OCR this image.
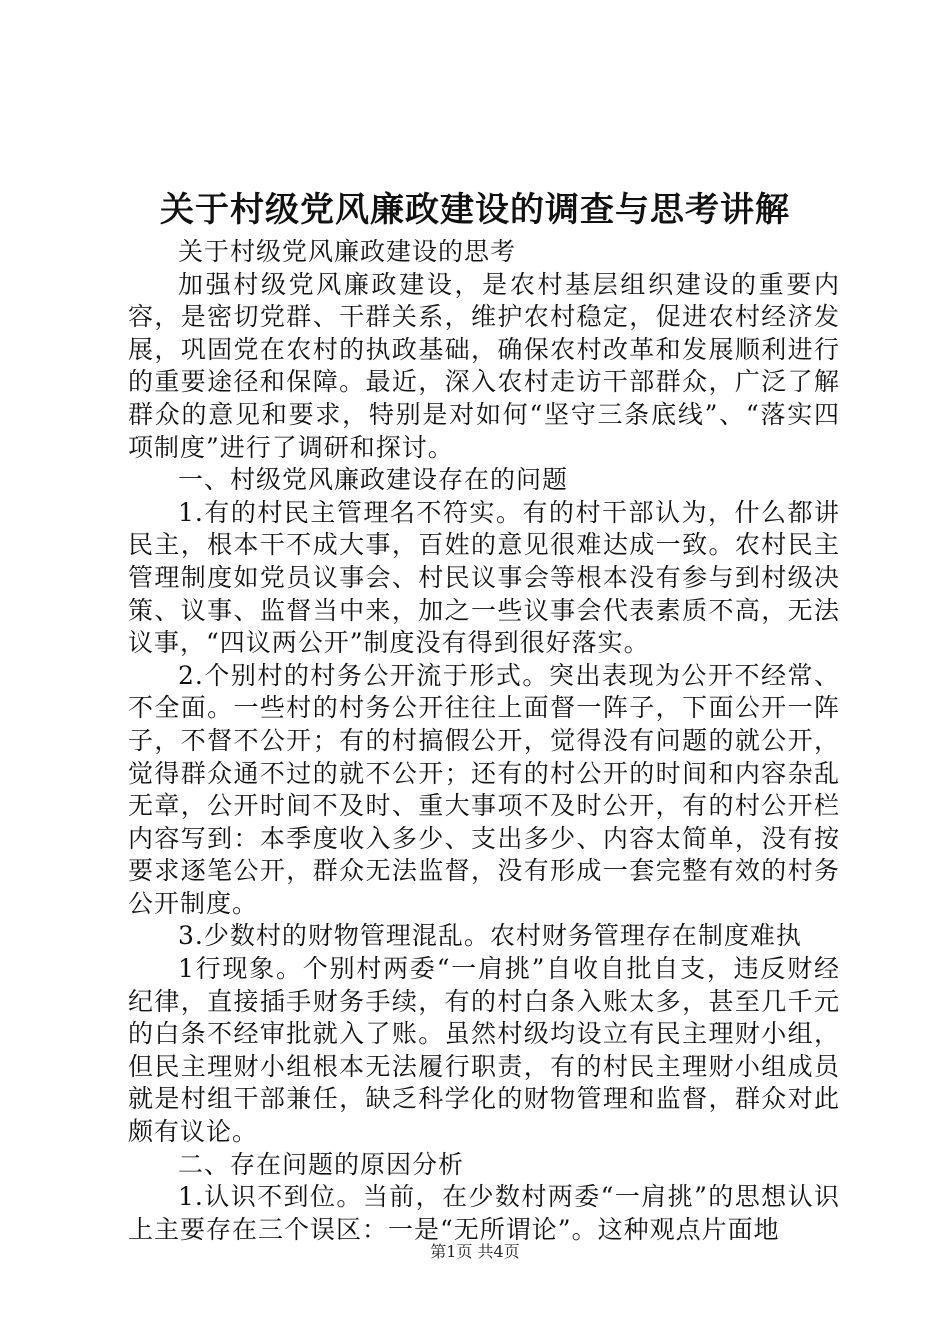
关于村级党风廉政建设的调查与思考讲解

关于村级党风廉政建设的思考

加强村级党风廉政建设，是农村基层组织建设的重要内容，是密切党群、干群关系，维护农村稳定，促进农村经济发展，巩固党在农村的执政基础，确保农村改革和发展顺利进行的重要途径和保障。最近，深入农村走访干部群众，广泛了解群众的意见和要求，特别是对如何“坚守三条底线”、“落实四项制度”进行了调研和探讨。

一、村级党风廉政建设存在的问题

1.有的村民主管理名不符实。有的村干部认为，什么都讲民主，根本干不成大事，百姓的意见很难达成一致。农村民主管理制度如党员议事会、村民议事会等根本没有参与到村级决策、议事、监督当中来，加之一些议事会代表素质不高，无法议事，“四议两公开”制度没有得到很好落实。

2.个别村的村务公开流于形式。突出表现为公开不经常、不全面。一些村的村务公开往往上面督一阵子，下面公开一阵子，不督不公开；有的村搞假公开，觉得没有问题的就公开，觉得群众通不过的就不公开；还有的村公开的时间和内容杂乱无章，公开时间不及时、重大事项不及时公开，有的村公开栏内容写到：本季度收入多少、支出多少、内容太简单，没有按要求逐笔公开，群众无法监督，没有形成一套完整有效的村务公开制度。

3.少数村的财物管理混乱。农村财务管理存在制度难执

1行现象。个别村两委“一肩挑”自收自批自支，违反财经纪律，直接插手财务手续，有的村白条入账太多，甚至几千元的白条不经审批就入了账。虽然村级均设立有民主理财小组，但民主理财小组根本无法履行职责，有的村民主理财小组成员就是村组干部兼任，缺乏科学化的财物管理和监督，群众对此颇有议论。

二、存在问题的原因分析

1.认识不到位。当前，在少数村两委“一肩挑”的思想认识上主要存在三个误区：一是“无所谓论”。这种观点片面地

第1页 共4页
